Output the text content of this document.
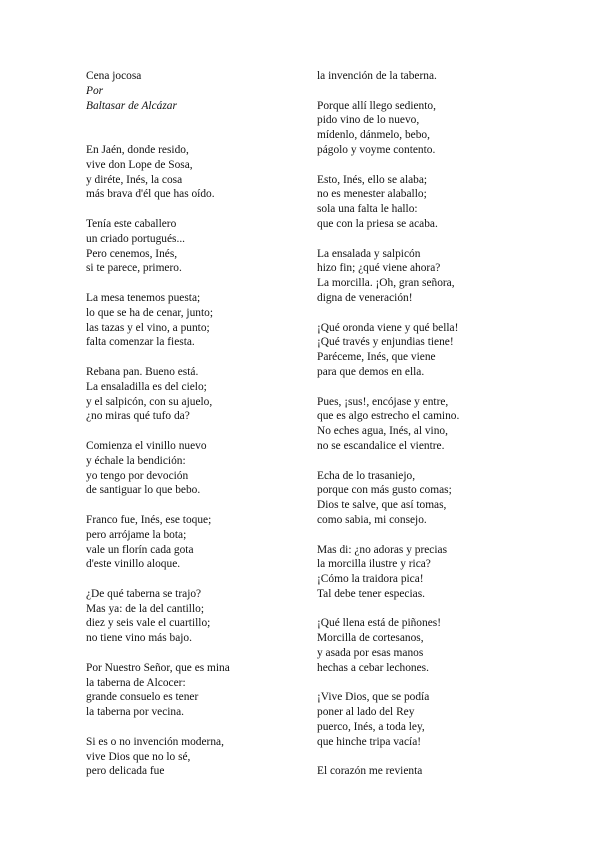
Cena jocosa
Por
Baltasar de Alcázar
En Jaén, donde resido,
vive don Lope de Sosa,
y diréte, Inés, la cosa
más brava d'él que has oído.
Tenía este caballero
un criado portugués...
Pero cenemos, Inés,
si te parece, primero.
La mesa tenemos puesta;
lo que se ha de cenar, junto;
las tazas y el vino, a punto;
falta comenzar la fiesta.
Rebana pan. Bueno está.
La ensaladilla es del cielo;
y el salpicón, con su ajuelo,
¿no miras qué tufo da?
Comienza el vinillo nuevo
y échale la bendición:
yo tengo por devoción
de santiguar lo que bebo.
Franco fue, Inés, ese toque;
pero arrójame la bota;
vale un florín cada gota
d'este vinillo aloque.
¿De qué taberna se trajo?
Mas ya: de la del cantillo;
diez y seis vale el cuartillo;
no tiene vino más bajo.
Por Nuestro Señor, que es mina
la taberna de Alcocer:
grande consuelo es tener
la taberna por vecina.
Si es o no invención moderna,
vive Dios que no lo sé,
pero delicada fue
la invención de la taberna.
Porque allí llego sediento,
pido vino de lo nuevo,
mídenlo, dánmelo, bebo,
págolo y voyme contento.
Esto, Inés, ello se alaba;
no es menester alaballo;
sola una falta le hallo:
que con la priesa se acaba.
La ensalada y salpicón
hizo fin; ¿qué viene ahora?
La morcilla. ¡Oh, gran señora,
digna de veneración!
¡Qué oronda viene y qué bella!
¡Qué través y enjundias tiene!
Paréceme, Inés, que viene
para que demos en ella.
Pues, ¡sus!, encójase y entre,
que es algo estrecho el camino.
No eches agua, Inés, al vino,
no se escandalice el vientre.
Echa de lo trasaniejo,
porque con más gusto comas;
Dios te salve, que así tomas,
como sabia, mi consejo.
Mas di: ¿no adoras y precias
la morcilla ilustre y rica?
¡Cómo la traidora pica!
Tal debe tener especias.
¡Qué llena está de piñones!
Morcilla de cortesanos,
y asada por esas manos
hechas a cebar lechones.
¡Vive Dios, que se podía
poner al lado del Rey
puerco, Inés, a toda ley,
que hinche tripa vacía!
El corazón me revienta
